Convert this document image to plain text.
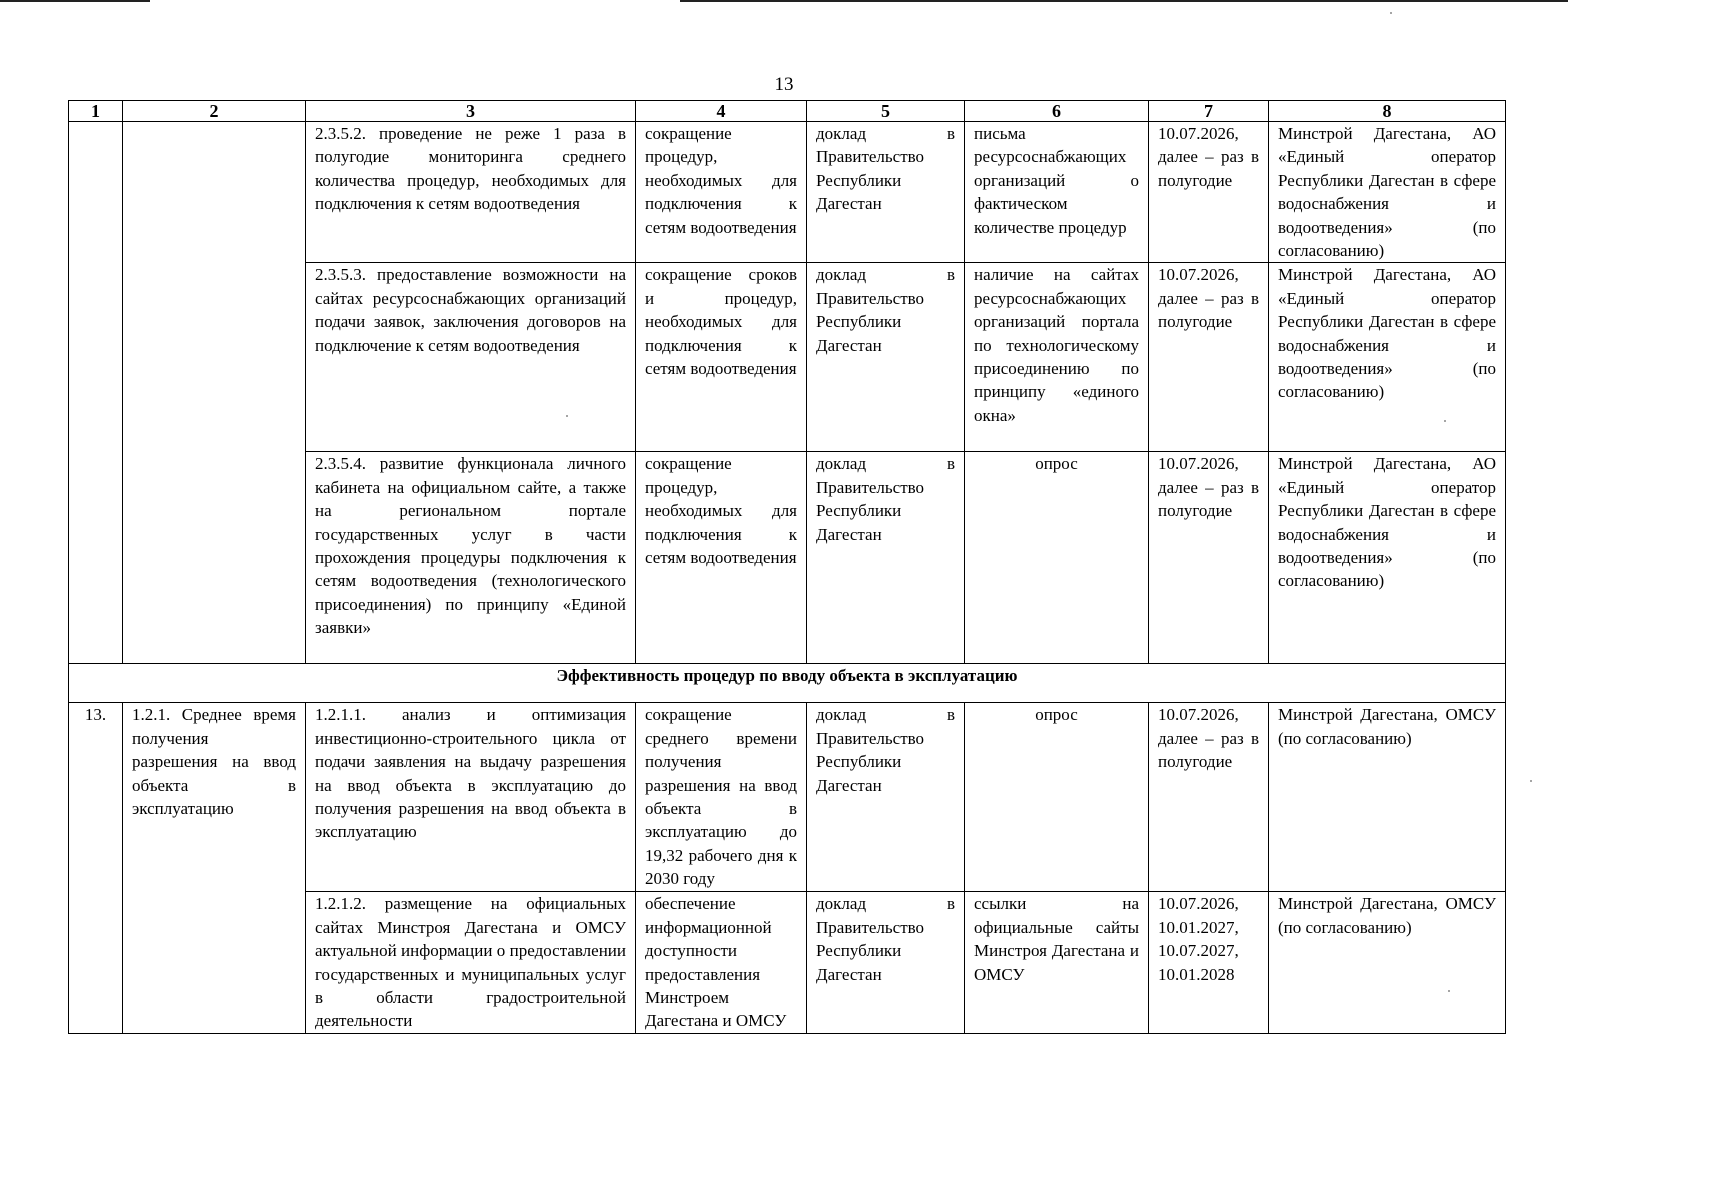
13
1	2	3	4	5	6	7	8
		2.3.5.2. проведение не реже 1 раза в полугодие мониторинга среднего количества процедур, необходимых для подключения к сетям водоотведения	сокращение процедур, необходимых для подключения к сетям водоотведения	доклад в Правительство Республики Дагестан	письма ресурсоснабжающих организаций о фактическом количестве процедур	10.07.2026, далее – раз в полугодие	Минстрой Дагестана, АО «Единый оператор Республики Дагестан в сфере водоснабжения и водоотведения» (по согласованию)
		2.3.5.3. предоставление возможности на сайтах ресурсоснабжающих организаций подачи заявок, заключения договоров на подключение к сетям водоотведения	сокращение сроков и процедур, необходимых для подключения к сетям водоотведения	доклад в Правительство Республики Дагестан	наличие на сайтах ресурсоснабжающих организаций портала по технологическому присоединению по принципу «единого окна»	10.07.2026, далее – раз в полугодие	Минстрой Дагестана, АО «Единый оператор Республики Дагестан в сфере водоснабжения и водоотведения» (по согласованию)
		2.3.5.4. развитие функционала личного кабинета на официальном сайте, а также на региональном портале государственных услуг в части прохождения процедуры подключения к сетям водоотведения (технологического присоединения) по принципу «Единой заявки»	сокращение процедур, необходимых для подключения к сетям водоотведения	доклад в Правительство Республики Дагестан	опрос	10.07.2026, далее – раз в полугодие	Минстрой Дагестана, АО «Единый оператор Республики Дагестан в сфере водоснабжения и водоотведения» (по согласованию)
Эффективность процедур по вводу объекта в эксплуатацию							
13.	1.2.1. Среднее время получения разрешения на ввод объекта в эксплуатацию	1.2.1.1. анализ и оптимизация инвестиционно-строительного цикла от подачи заявления на выдачу разрешения на ввод объекта в эксплуатацию до получения разрешения на ввод объекта в эксплуатацию	сокращение среднего времени получения разрешения на ввод объекта в эксплуатацию до 19,32 рабочего дня к 2030 году	доклад в Правительство Республики Дагестан	опрос	10.07.2026, далее – раз в полугодие	Минстрой Дагестана, ОМСУ (по согласованию)
		1.2.1.2. размещение на официальных сайтах Минстроя Дагестана и ОМСУ актуальной информации о предоставлении государственных и муниципальных услуг в области градостроительной деятельности	обеспечение информационной доступности предоставления Минстроем Дагестана и ОМСУ	доклад в Правительство Республики Дагестан	ссылки на официальные сайты Минстроя Дагестана и ОМСУ	10.07.2026, 10.01.2027, 10.07.2027, 10.01.2028	Минстрой Дагестана, ОМСУ (по согласованию)
